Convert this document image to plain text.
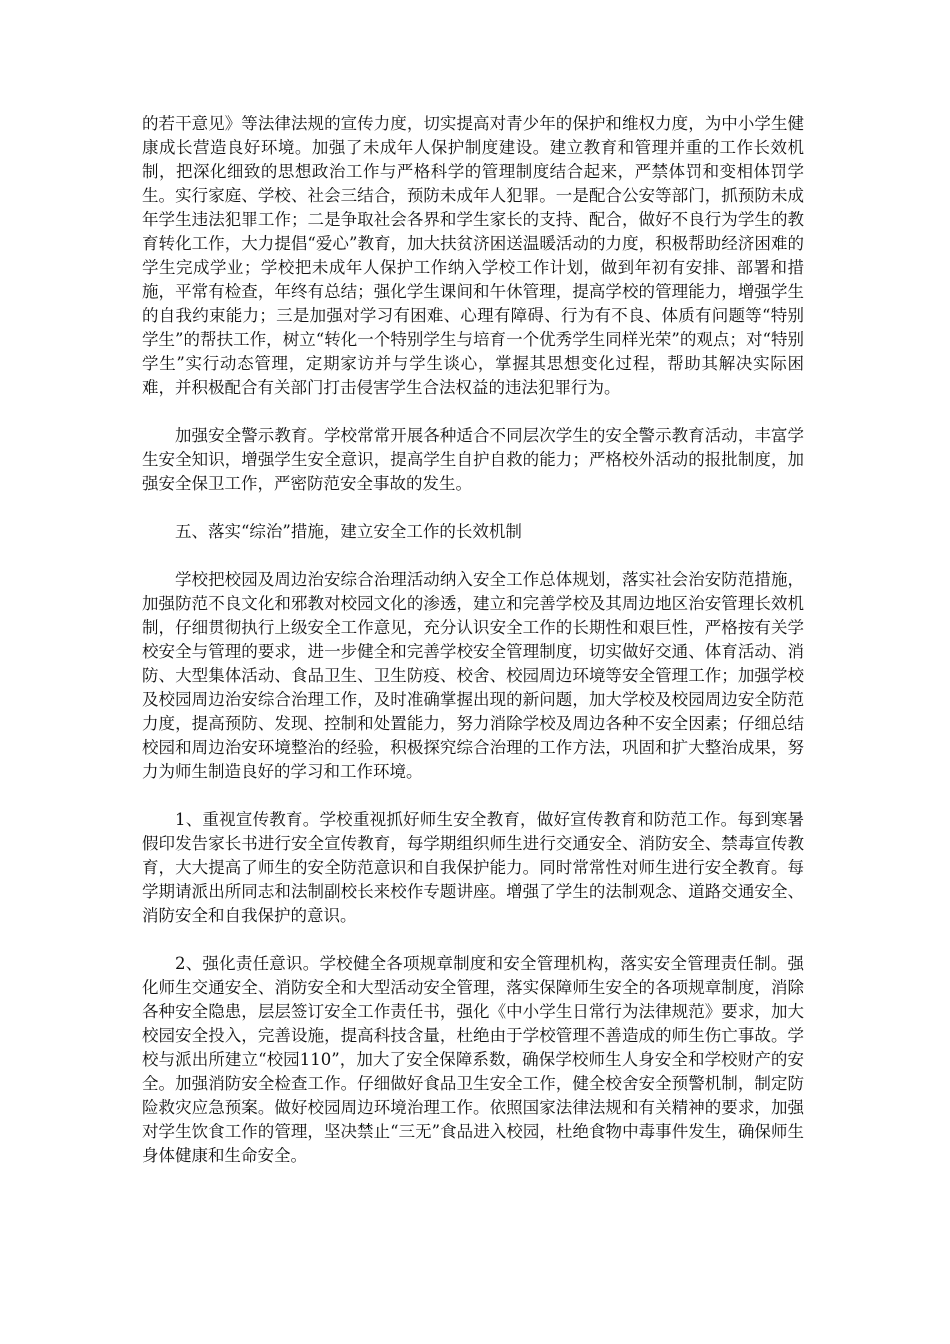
的若干意见》等法律法规的宣传力度，切实提高对青少年的保护和维权力度，为中小学生健康成长营造良好环境。加强了未成年人保护制度建设。建立教育和管理并重的工作长效机制，把深化细致的思想政治工作与严格科学的管理制度结合起来，严禁体罚和变相体罚学生。实行家庭、学校、社会三结合，预防未成年人犯罪。一是配合公安等部门，抓预防未成年学生违法犯罪工作；二是争取社会各界和学生家长的支持、配合，做好不良行为学生的教育转化工作，大力提倡“爱心”教育，加大扶贫济困送温暖活动的力度，积极帮助经济困难的学生完成学业；学校把未成年人保护工作纳入学校工作计划，做到年初有安排、部署和措施，平常有检查，年终有总结；强化学生课间和午休管理，提高学校的管理能力，增强学生的自我约束能力；三是加强对学习有困难、心理有障碍、行为有不良、体质有问题等“特别学生”的帮扶工作，树立“转化一个特别学生与培育一个优秀学生同样光荣”的观点；对“特别学生”实行动态管理，定期家访并与学生谈心，掌握其思想变化过程，帮助其解决实际困难，并积极配合有关部门打击侵害学生合法权益的违法犯罪行为。

加强安全警示教育。学校常常开展各种适合不同层次学生的安全警示教育活动，丰富学生安全知识，增强学生安全意识，提高学生自护自救的能力；严格校外活动的报批制度，加强安全保卫工作，严密防范安全事故的发生。

五、落实“综治”措施，建立安全工作的长效机制

学校把校园及周边治安综合治理活动纳入安全工作总体规划，落实社会治安防范措施，加强防范不良文化和邪教对校园文化的渗透，建立和完善学校及其周边地区治安管理长效机制，仔细贯彻执行上级安全工作意见，充分认识安全工作的长期性和艰巨性，严格按有关学校安全与管理的要求，进一步健全和完善学校安全管理制度，切实做好交通、体育活动、消防、大型集体活动、食品卫生、卫生防疫、校舍、校园周边环境等安全管理工作；加强学校及校园周边治安综合治理工作，及时准确掌握出现的新问题，加大学校及校园周边安全防范力度，提高预防、发现、控制和处置能力，努力消除学校及周边各种不安全因素；仔细总结校园和周边治安环境整治的经验，积极探究综合治理的工作方法，巩固和扩大整治成果，努力为师生制造良好的学习和工作环境。

1、重视宣传教育。学校重视抓好师生安全教育，做好宣传教育和防范工作。每到寒暑假印发告家长书进行安全宣传教育，每学期组织师生进行交通安全、消防安全、禁毒宣传教育，大大提高了师生的安全防范意识和自我保护能力。同时常常性对师生进行安全教育。每学期请派出所同志和法制副校长来校作专题讲座。增强了学生的法制观念、道路交通安全、消防安全和自我保护的意识。

2、强化责任意识。学校健全各项规章制度和安全管理机构，落实安全管理责任制。强化师生交通安全、消防安全和大型活动安全管理，落实保障师生安全的各项规章制度，消除各种安全隐患，层层签订安全工作责任书，强化《中小学生日常行为法律规范》要求，加大校园安全投入，完善设施，提高科技含量，杜绝由于学校管理不善造成的师生伤亡事故。学校与派出所建立“校园110”，加大了安全保障系数，确保学校师生人身安全和学校财产的安全。加强消防安全检查工作。仔细做好食品卫生安全工作，健全校舍安全预警机制，制定防险救灾应急预案。做好校园周边环境治理工作。依照国家法律法规和有关精神的要求，加强对学生饮食工作的管理，坚决禁止“三无”食品进入校园，杜绝食物中毒事件发生，确保师生身体健康和生命安全。
